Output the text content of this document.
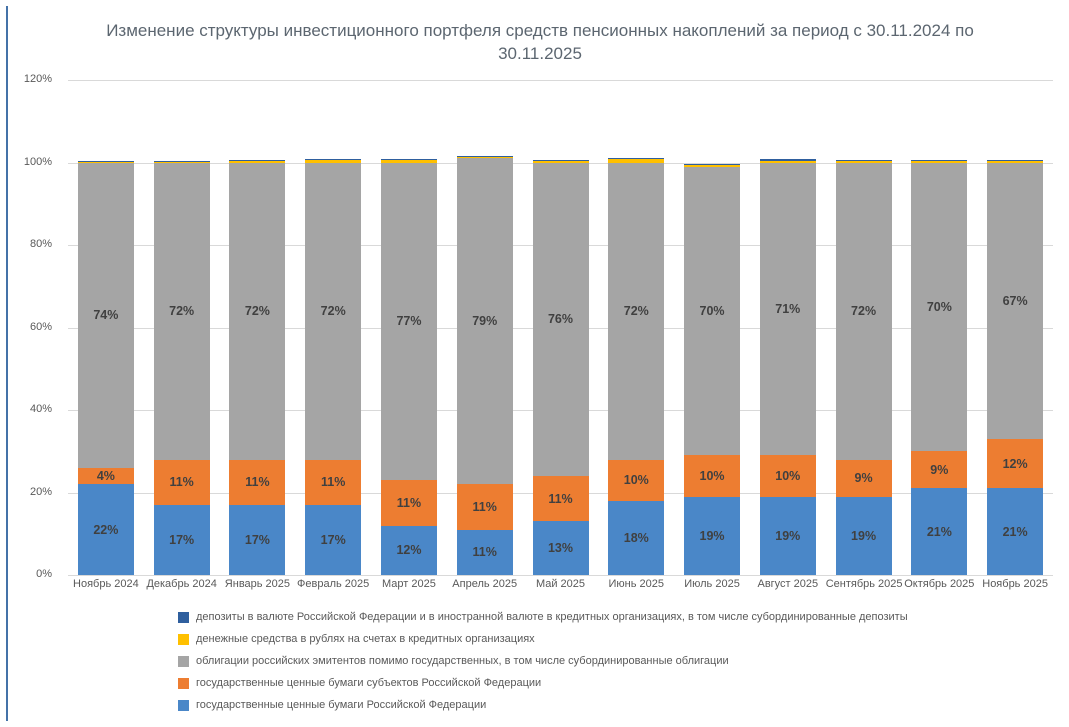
Изменение структуры инвестиционного портфеля средств пенсионных накоплений за период с 30.11.2024 по 30.11.2025
0%
20%
40%
60%
80%
100%
120%
22%
4%
74%
17%
11%
72%
17%
11%
72%
17%
11%
72%
12%
11%
77%
11%
11%
79%
13%
11%
76%
18%
10%
72%
19%
10%
70%
19%
10%
71%
19%
9%
72%
21%
9%
70%
21%
12%
67%
Ноябрь 2024 Декабрь 2024 Январь 2025 Февраль 2025	Март 2025	Апрель 2025	Май 2025	Июнь 2025	Июль 2025	Август 2025 Сентябрь 2025 Октябрь 2025 Ноябрь 2025
депозиты в валюте Российской Федерации и в иностранной валюте в кредитных организациях, в том числе субординированные депозиты
денежные средства в рублях на счетах в кредитных организациях
облигации российских эмитентов помимо государственных, в том числе субординированные облигации
государственные ценные бумаги субъектов Российской Федерации
государственные ценные бумаги Российской Федерации
